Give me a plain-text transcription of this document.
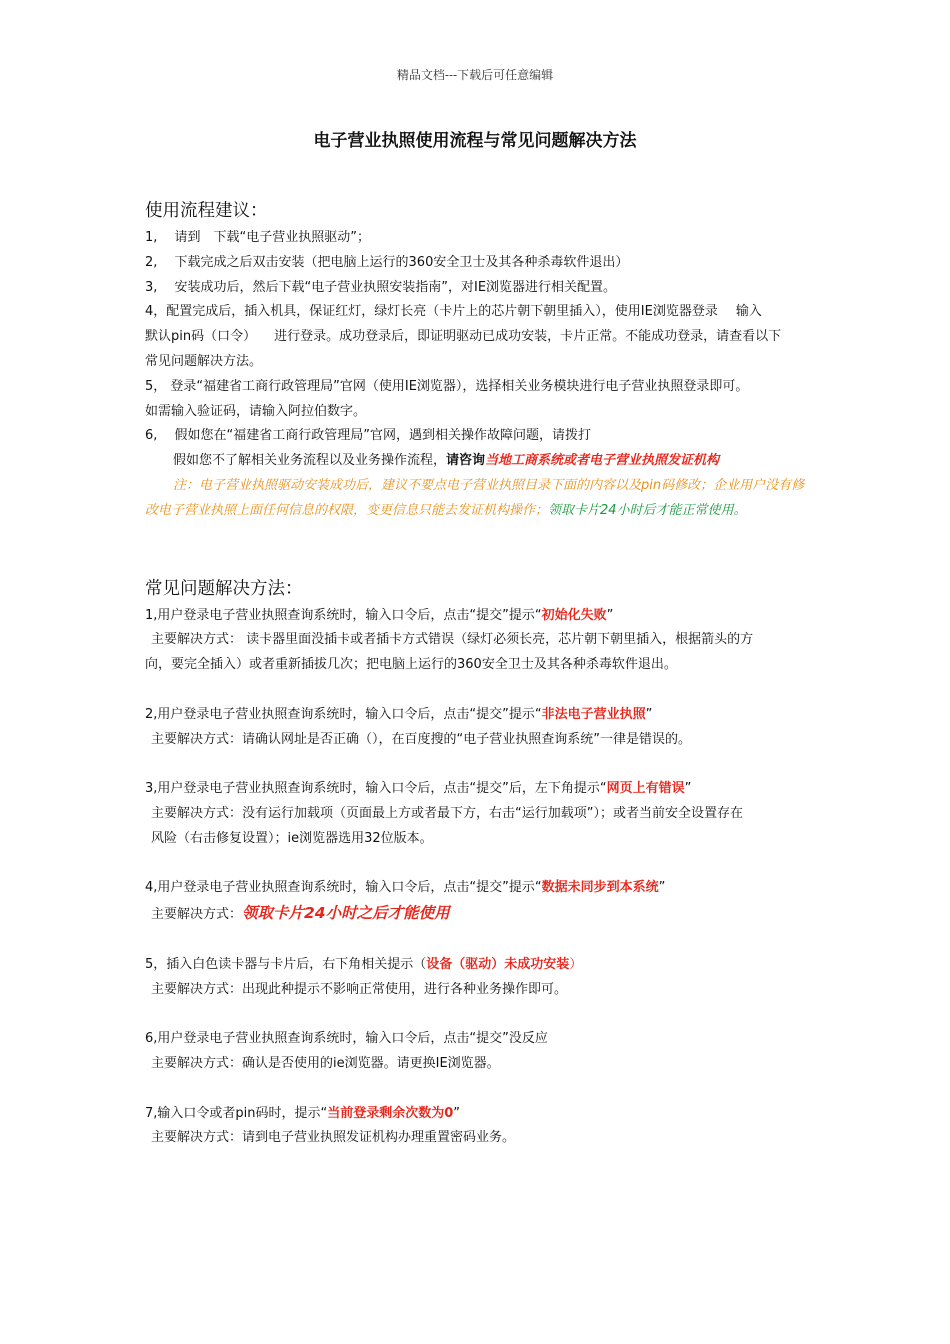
精品文档---下载后可任意编辑
电子营业执照使用流程与常见问题解决方法
使用流程建议：
1,　 请到　下载“电子营业执照驱动”；
2,　 下载完成之后双击安装（把电脑上运行的360安全卫士及其各种杀毒软件退出）
3,　 安装成功后，然后下载“电子营业执照安装指南”，对IE浏览器进行相关配置。
4，配置完成后，插入机具，保证红灯，绿灯长亮（卡片上的芯片朝下朝里插入），使用IE浏览器登录 输入
默认pin码（口令） 进行登录。成功登录后，即证明驱动已成功安装，卡片正常。不能成功登录，请查看以下
常见问题解决方法。
5， 登录“福建省工商行政管理局”官网（使用IE浏览器），选择相关业务模块进行电子营业执照登录即可。
如需输入验证码，请输入阿拉伯数字。
6,　 假如您在“福建省工商行政管理局”官网，遇到相关操作故障问题，请拨打
假如您不了解相关业务流程以及业务操作流程，请咨询当地工商系统或者电子营业执照发证机构
注：电子营业执照驱动安装成功后，建议不要点电子营业执照目录下面的内容以及pin码修改；企业用户没有修改电子营业执照上面任何信息的权限，变更信息只能去发证机构操作；领取卡片24小时后才能正常使用。
常见问题解决方法：
1,用户登录电子营业执照查询系统时，输入口令后，点击“提交”提示“初始化失败”
主要解决方式： 读卡器里面没插卡或者插卡方式错误（绿灯必须长亮，芯片朝下朝里插入，根据箭头的方
向，要完全插入）或者重新插拔几次；把电脑上运行的360安全卫士及其各种杀毒软件退出。
2,用户登录电子营业执照查询系统时，输入口令后，点击“提交”提示“非法电子营业执照”
主要解决方式：请确认网址是否正确（），在百度搜的“电子营业执照查询系统”一律是错误的。
3,用户登录电子营业执照查询系统时，输入口令后，点击“提交”后，左下角提示“网页上有错误”
主要解决方式：没有运行加载项（页面最上方或者最下方，右击“运行加载项”）；或者当前安全设置存在
风险（右击修复设置）；ie浏览器选用32位版本。
4,用户登录电子营业执照查询系统时，输入口令后，点击“提交”提示“数据未同步到本系统”
主要解决方式：领取卡片24小时之后才能使用
5，插入白色读卡器与卡片后，右下角相关提示（设备（驱动）未成功安装）
主要解决方式：出现此种提示不影响正常使用，进行各种业务操作即可。
6,用户登录电子营业执照查询系统时，输入口令后，点击“提交”没反应
主要解决方式：确认是否使用的ie浏览器。请更换IE浏览器。
7,输入口令或者pin码时，提示“当前登录剩余次数为0”
主要解决方式：请到电子营业执照发证机构办理重置密码业务。
